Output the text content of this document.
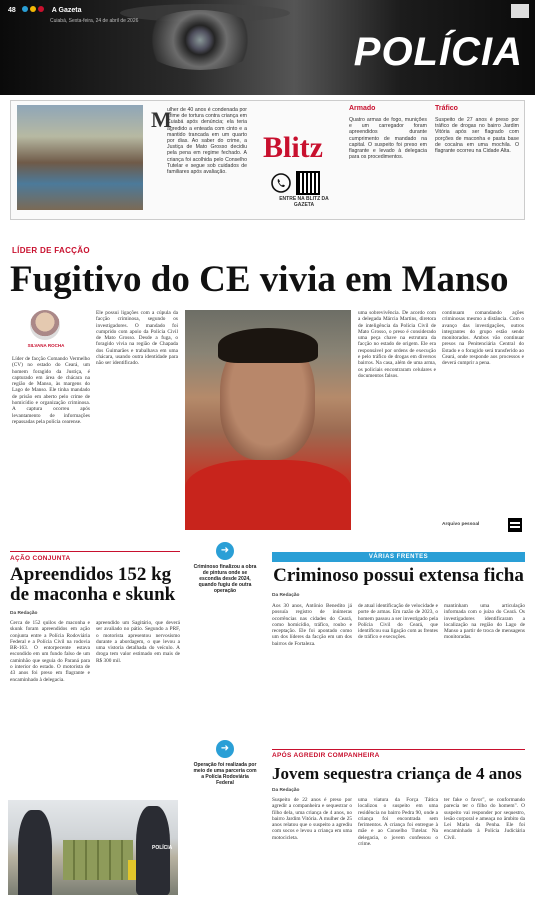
48	A Gazeta
Cuiabá, Sexta-feira, 24 de abril de 2026
POLÍCIA
M
ulher de 40 anos é condenada por crime de tortura contra criança em Cuiabá após denúncia; ela teria agredido a enteada com cinto e a mantido trancada em um quarto por dias. Ao saber do crime, a Justiça de Mato Grosso decidiu pela pena em regime fechado. A criança foi acolhida pelo Conselho Tutelar e segue sob cuidados de familiares após avaliação.
Blitz
ENTRE NA BLITZ DA GAZETA
Armado
Quatro armas de fogo, munições e um carregador foram apreendidos durante cumprimento de mandado na capital. O suspeito foi preso em flagrante e levado à delegacia para os procedimentos.
Tráfico
Suspeito de 27 anos é preso por tráfico de drogas no bairro Jardim Vitória após ser flagrado com porções de maconha e pasta base de cocaína em uma mochila. O flagrante ocorreu na Cidade Alta.
LÍDER DE FACÇÃO
Fugitivo do CE vivia em Manso
SILVANA ROCHA
Líder de facção Comando Vermelho (CV) no estado do Ceará, um homem foragido da Justiça, é capturado em área de chácara na região de Manso, às margens do Lago de Manso. Ele tinha mandado de prisão em aberto pelo crime de homicídio e organização criminosa. A captura ocorreu após levantamento de informações repassadas pela polícia cearense.
Ele possui ligações com a cúpula da facção criminosa, segundo os investigadores. O mandado foi cumprido com apoio da Polícia Civil de Mato Grosso. Desde a fuga, o foragido vivia na região de Chapada dos Guimarães e trabalhava em uma chácara, usando outra identidade para não ser identificado.
uma sobrevivência. De acordo com a delegada Márcia Martins, diretora de inteligência da Polícia Civil de Mato Grosso, o preso é considerado uma peça chave na estrutura da facção no estado de origem. Ele era responsável por ordens de execução e pelo tráfico de drogas em diversos bairros. Na casa, além de uma arma, os policiais encontraram celulares e documentos falsos.
continuam comandando ações criminosas mesmo a distância. Com o avanço das investigações, outros integrantes do grupo estão sendo monitorados. Ambos vão continuar presos na Penitenciária Central do Estado e o foragido será transferido ao Ceará, onde responde aos processos e deverá cumprir a pena.
Arquivo pessoal
AÇÃO CONJUNTA
Apreendidos 152 kg de maconha e skunk
Da Redação
Cerca de 152 quilos de maconha e skunk foram apreendidos em ação conjunta entre a Polícia Rodoviária Federal e a Polícia Civil na rodovia BR-163. O entorpecente estava escondido em um fundo falso de um caminhão que seguia do Paraná para o interior do estado. O motorista de 43 anos foi preso em flagrante e encaminhado à delegacia.
apreendido um Sagitário, que deverá ser avaliado no pátio. Segundo a PRF, o motorista apresentou nervosismo durante a abordagem, o que levou a uma vistoria detalhada do veículo. A droga tem valor estimado em mais de R$ 300 mil.
POLÍCIA
➜
Criminoso finalizou a obra de pintura onde se escondia desde 2024, quando fugiu de outra operação
➜
Operação foi realizada por meio de uma parceria com a Polícia Rodoviária Federal
VÁRIAS FRENTES
Criminoso possui extensa ficha
Da Redação
Aos 30 anos, Antônio Benedito já possuía registro de inúmeras ocorrências nas cidades do Ceará, como homicídio, tráfico, roubo e receptação. Ele foi apontado como um dos líderes da facção em um dos bairros de Fortaleza.
de atual identificação de velocidade e porte de armas. Em razão de 2023, o homem passou a ser investigado pela Polícia Civil do Ceará, que identificou sua ligação com as frentes de tráfico e execuções.
mantinham uma articulação informada com o juízo do Ceará. Os investigadores identificaram a localização na região do Lago de Manso a partir de troca de mensagens monitoradas.
APÓS AGREDIR COMPANHEIRA
Jovem sequestra criança de 4 anos
Da Redação
Suspeito de 22 anos é preso por agredir a companheira e sequestrar o filho dela, uma criança de 4 anos, no bairro Jardim Vitória. A mulher de 25 anos relatou que o suspeito a agrediu com socos e levou a criança em uma motocicleta.
uma viatura da Força Tática localizou o suspeito em uma residência no bairro Pedra 90, onde a criança foi encontrada sem ferimentos. A criança foi entregue à mãe e ao Conselho Tutelar. Na delegacia, o jovem confessou o crime.
ter fake o favor", se conformando parecia ter o filho do homem". O suspeito vai responder por sequestro, lesão corporal e ameaça no âmbito da Lei Maria da Penha. Ele foi encaminhado à Polícia Judiciária Civil.
